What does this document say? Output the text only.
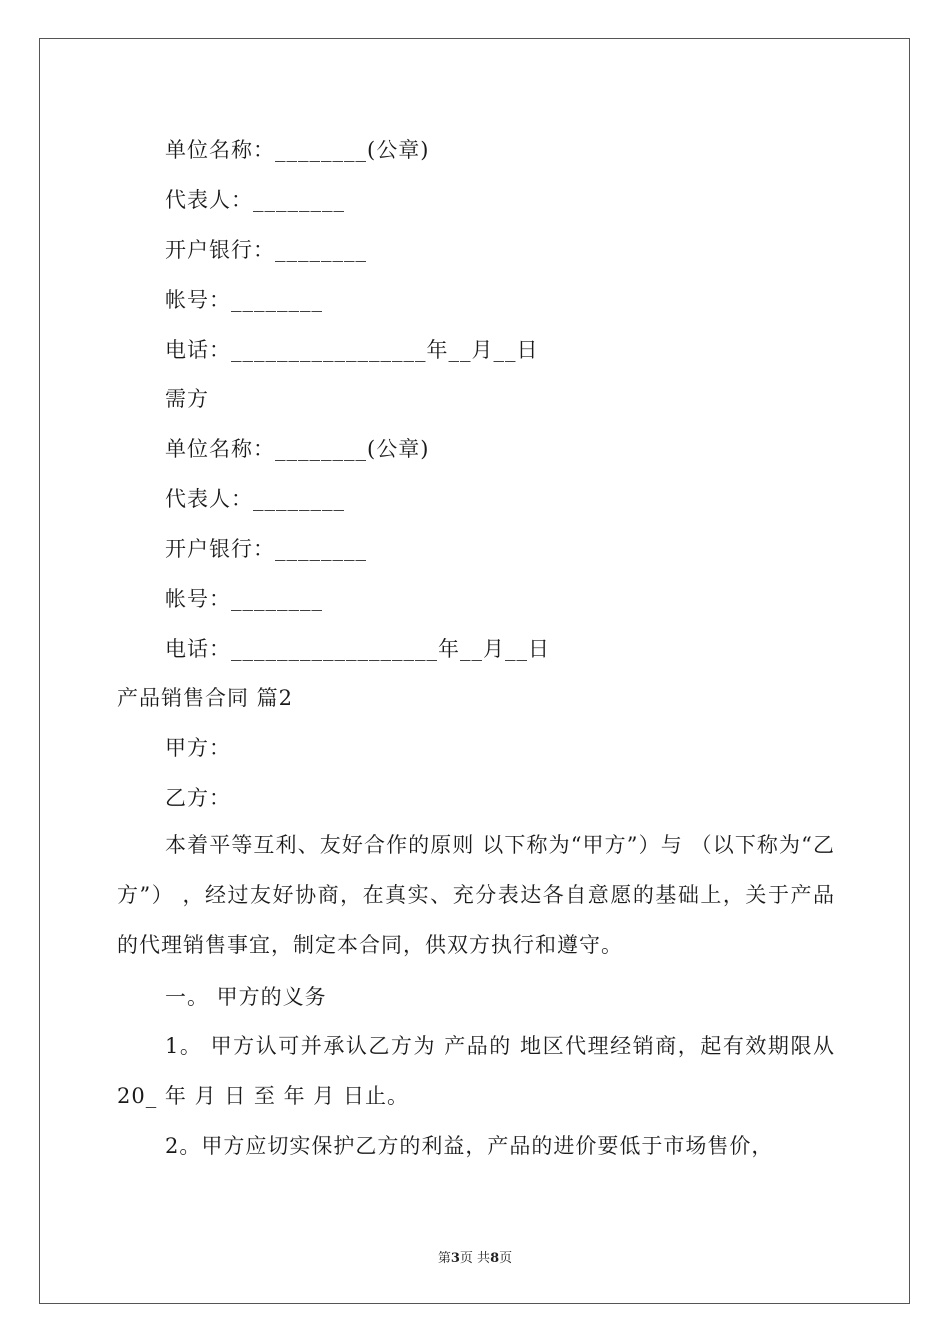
单位名称：________(公章)
代表人：________
开户银行：________
帐号：________
电话：_________________年__月__日
需方
单位名称：________(公章)
代表人：________
开户银行：________
帐号：________
电话：__________________年__月__日
产品销售合同 篇2
甲方：
乙方：
本着平等互利、友好合作的原则 以下称为“甲方”）与 （以下称为“乙方”） ，经过友好协商，在真实、充分表达各自意愿的基础上，关于产品的代理销售事宜，制定本合同，供双方执行和遵守。
一。 甲方的义务
1。 甲方认可并承认乙方为 产品的 地区代理经销商，起有效期限从 20_ 年 月 日 至 年 月 日止。
2。甲方应切实保护乙方的利益，产品的进价要低于市场售价，
第3页 共8页
